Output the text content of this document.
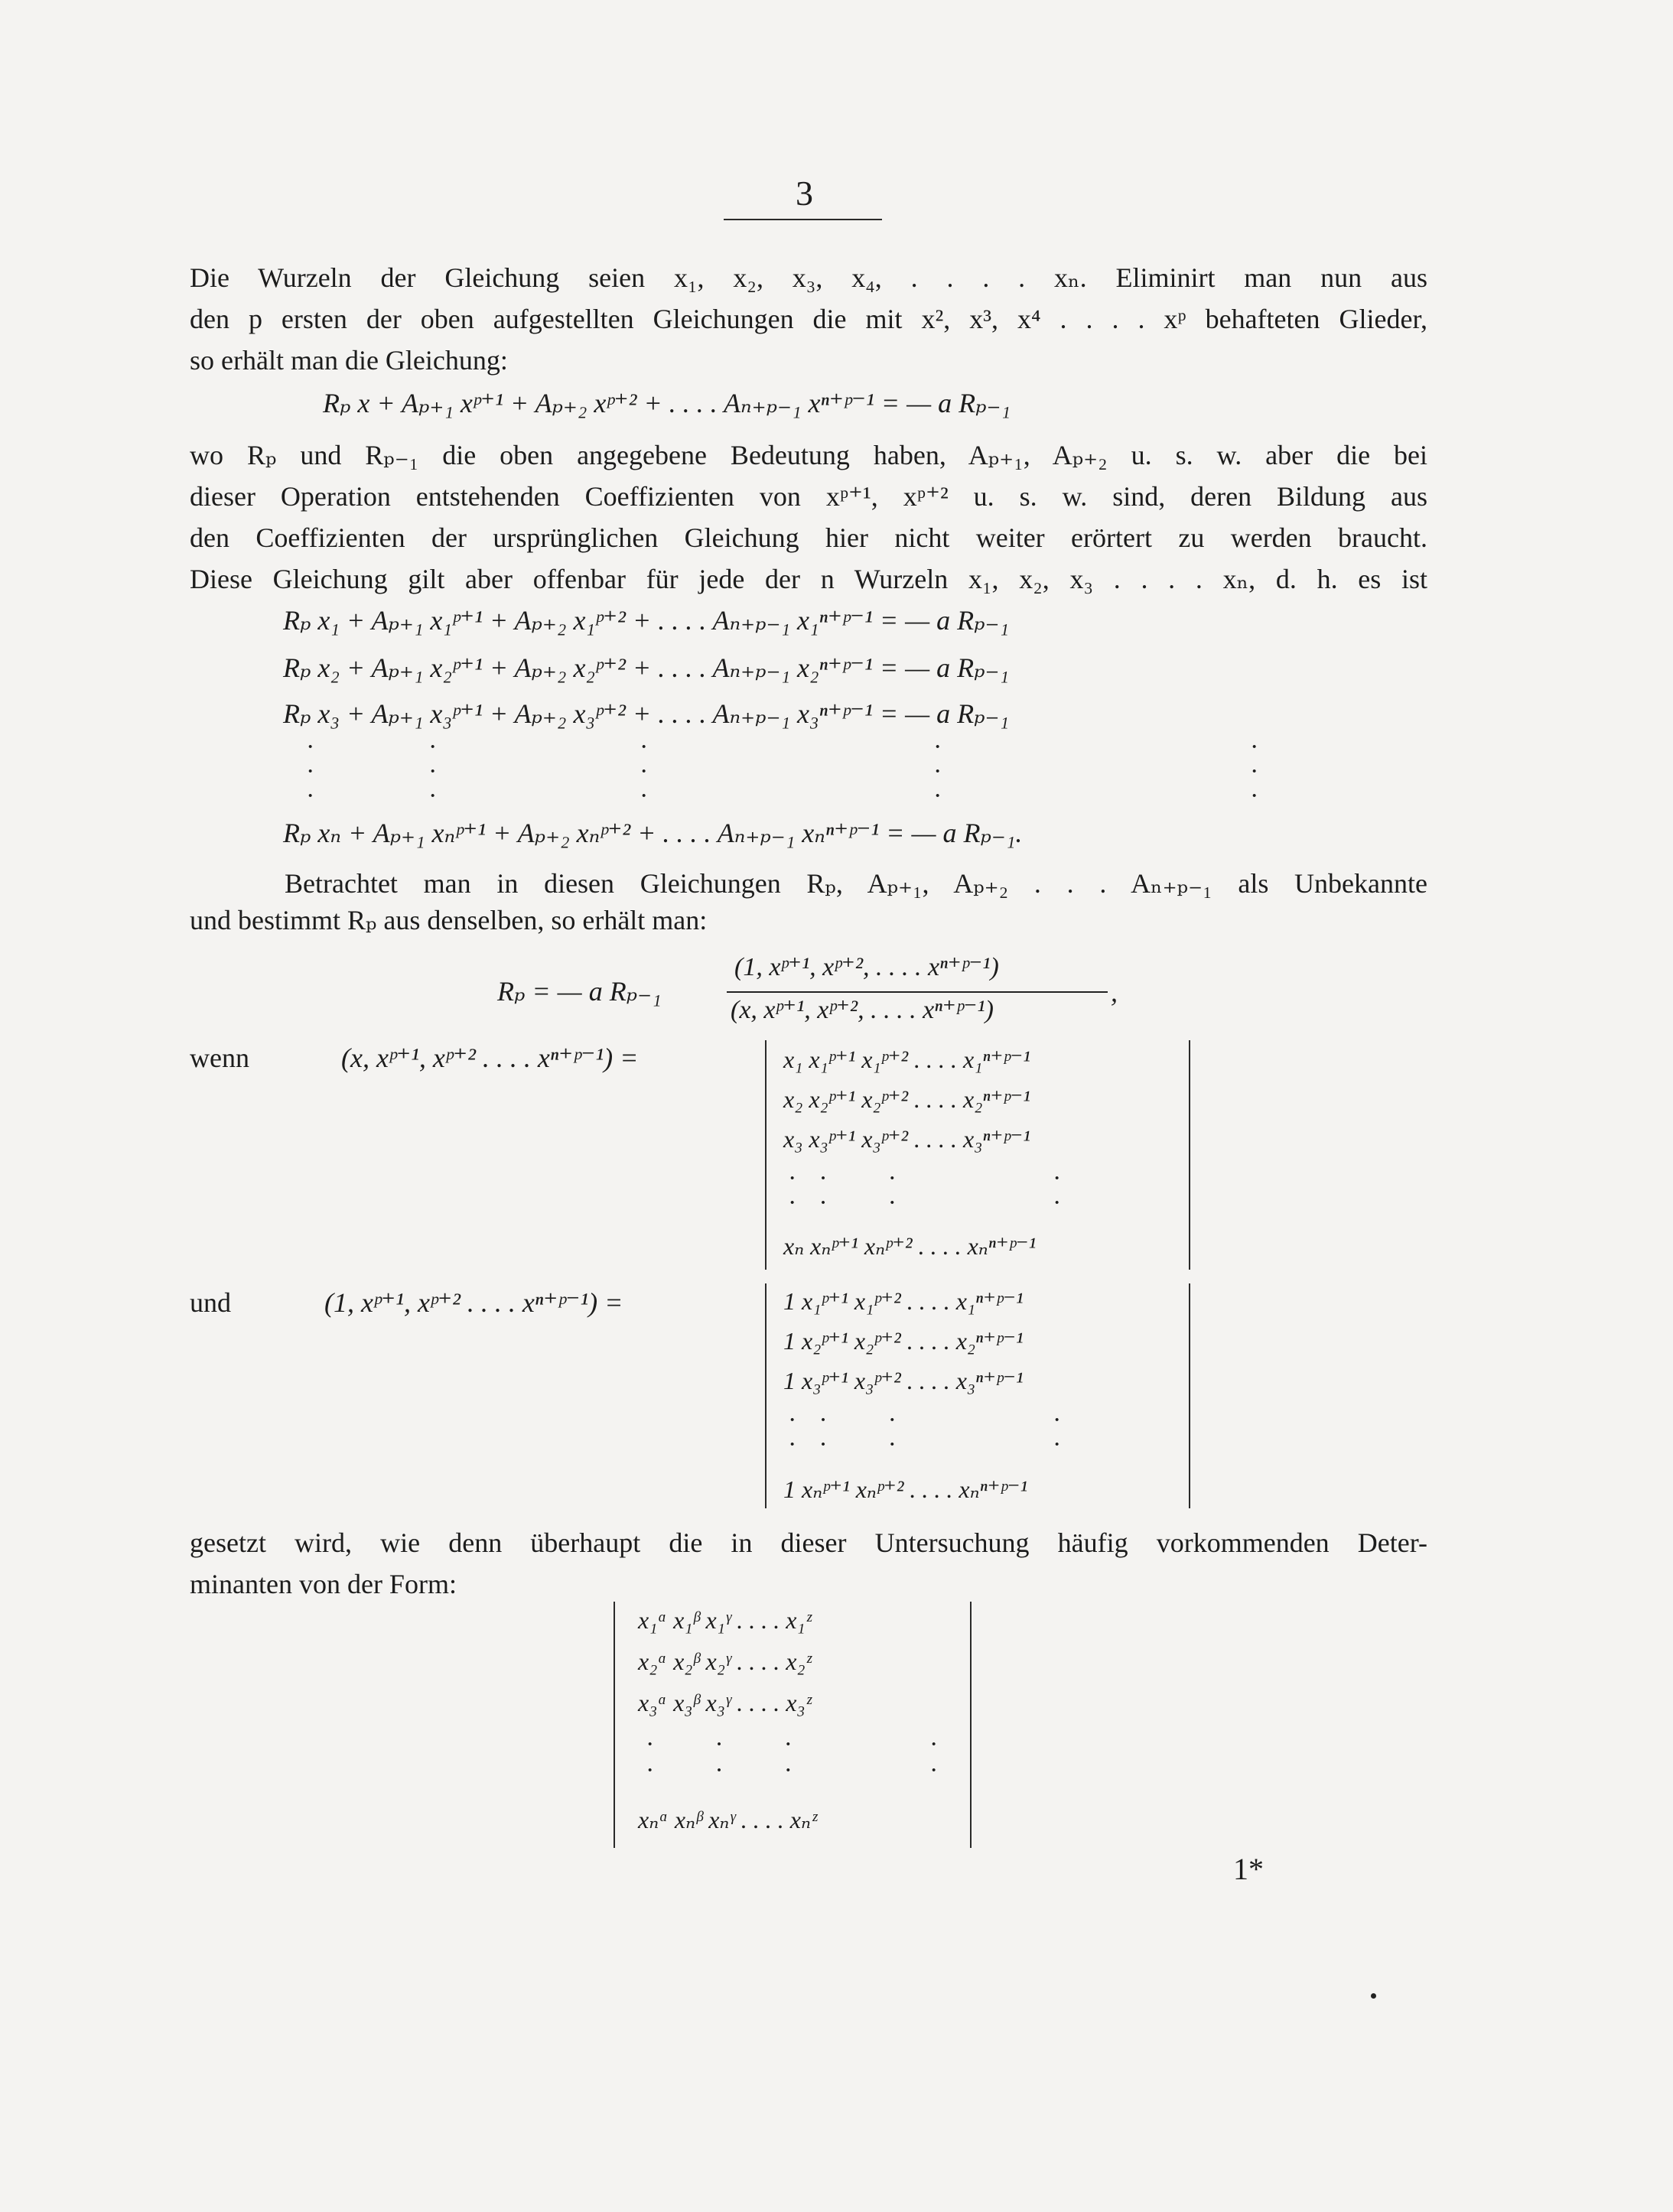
3
Die Wurzeln der Gleichung seien x₁, x₂, x₃, x₄, . . . . xₙ. Eliminirt man nun aus
den p ersten der oben aufgestellten Gleichungen die mit x², x³, x⁴ . . . . xᵖ behafteten Glieder,
so erhält man die Gleichung:
Rₚ x + Aₚ₊₁ xᵖ⁺¹ + Aₚ₊₂ xᵖ⁺² + . . . . Aₙ₊ₚ₋₁ xⁿ⁺ᵖ⁻¹ = — a Rₚ₋₁
wo Rₚ und Rₚ₋₁ die oben angegebene Bedeutung haben, Aₚ₊₁, Aₚ₊₂ u. s. w. aber die bei
dieser Operation entstehenden Coeffizienten von xᵖ⁺¹, xᵖ⁺² u. s. w. sind, deren Bildung aus
den Coeffizienten der ursprünglichen Gleichung hier nicht weiter erörtert zu werden braucht.
Diese Gleichung gilt aber offenbar für jede der n Wurzeln x₁, x₂, x₃ . . . . xₙ, d. h. es ist
Rₚ x₁ + Aₚ₊₁ x₁ᵖ⁺¹ + Aₚ₊₂ x₁ᵖ⁺² + . . . . Aₙ₊ₚ₋₁ x₁ⁿ⁺ᵖ⁻¹ = — a Rₚ₋₁
Rₚ x₂ + Aₚ₊₁ x₂ᵖ⁺¹ + Aₚ₊₂ x₂ᵖ⁺² + . . . . Aₙ₊ₚ₋₁ x₂ⁿ⁺ᵖ⁻¹ = — a Rₚ₋₁
Rₚ x₃ + Aₚ₊₁ x₃ᵖ⁺¹ + Aₚ₊₂ x₃ᵖ⁺² + . . . . Aₙ₊ₚ₋₁ x₃ⁿ⁺ᵖ⁻¹ = — a Rₚ₋₁
·	·	·	·	·
·	·	·	·	·
·	·	·	·	·
Rₚ xₙ + Aₚ₊₁ xₙᵖ⁺¹ + Aₚ₊₂ xₙᵖ⁺² + . . . . Aₙ₊ₚ₋₁ xₙⁿ⁺ᵖ⁻¹ = — a Rₚ₋₁.
Betrachtet man in diesen Gleichungen Rₚ, Aₚ₊₁, Aₚ₊₂ . . . Aₙ₊ₚ₋₁ als Unbekannte
und bestimmt Rₚ aus denselben, so erhält man:
Rₚ = — a Rₚ₋₁
(1, xᵖ⁺¹, xᵖ⁺², . . . . xⁿ⁺ᵖ⁻¹)
(x, xᵖ⁺¹, xᵖ⁺², . . . . xⁿ⁺ᵖ⁻¹)
,
wenn	(x, xᵖ⁺¹, xᵖ⁺² . . . . xⁿ⁺ᵖ⁻¹) =	x₁ x₁ᵖ⁺¹ x₁ᵖ⁺² . . . . x₁ⁿ⁺ᵖ⁻¹
x₂ x₂ᵖ⁺¹ x₂ᵖ⁺² . . . . x₂ⁿ⁺ᵖ⁻¹
x₃ x₃ᵖ⁺¹ x₃ᵖ⁺² . . . . x₃ⁿ⁺ᵖ⁻¹
·  ·      ·                ·
·  ·      ·                ·
xₙ xₙᵖ⁺¹ xₙᵖ⁺² . . . . xₙⁿ⁺ᵖ⁻¹
und	(1, xᵖ⁺¹, xᵖ⁺² . . . . xⁿ⁺ᵖ⁻¹) =	1 x₁ᵖ⁺¹ x₁ᵖ⁺² . . . . x₁ⁿ⁺ᵖ⁻¹
1 x₂ᵖ⁺¹ x₂ᵖ⁺² . . . . x₂ⁿ⁺ᵖ⁻¹
1 x₃ᵖ⁺¹ x₃ᵖ⁺² . . . . x₃ⁿ⁺ᵖ⁻¹
·  ·      ·                ·
·  ·      ·                ·
1 xₙᵖ⁺¹ xₙᵖ⁺² . . . . xₙⁿ⁺ᵖ⁻¹
gesetzt wird, wie denn überhaupt die in dieser Untersuchung häufig vorkommenden Deter-
minanten von der Form:
x₁ᵅ x₁ᵝ x₁ᵞ . . . . x₁ᶻ
x₂ᵅ x₂ᵝ x₂ᵞ . . . . x₂ᶻ
x₃ᵅ x₃ᵝ x₃ᵞ . . . . x₃ᶻ
·      ·      ·              ·
·      ·      ·              ·
xₙᵅ xₙᵝ xₙᵞ . . . . xₙᶻ
1*
